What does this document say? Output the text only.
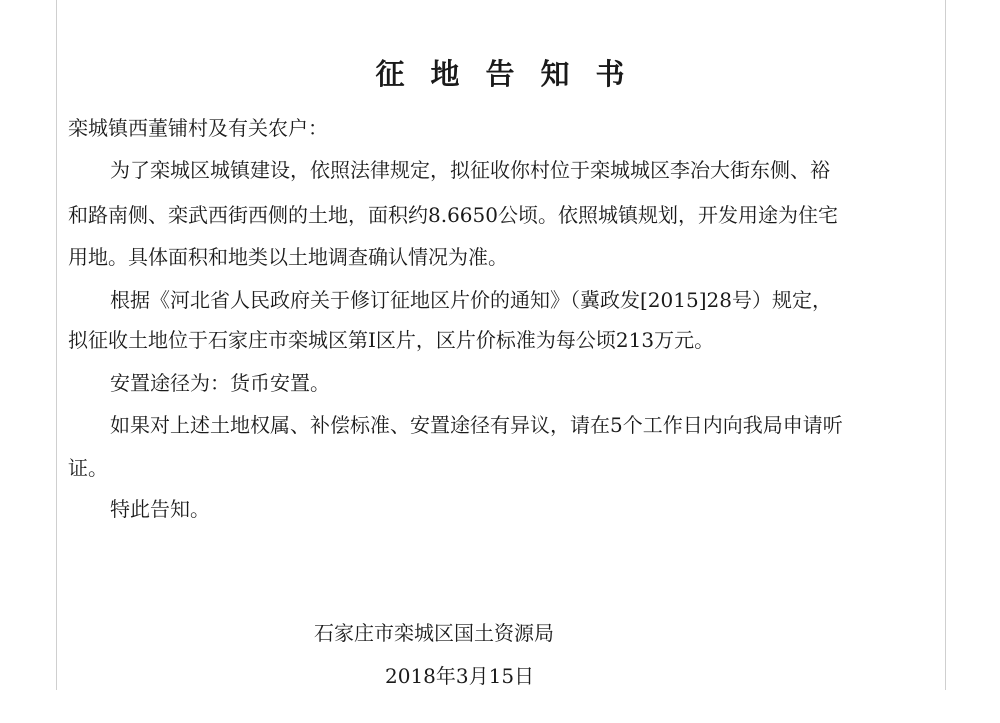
征地告知书
栾城镇西董铺村及有关农户：
为了栾城区城镇建设，依照法律规定，拟征收你村位于栾城城区李冶大街东侧、裕
和路南侧、栾武西街西侧的土地，面积约8.6650公顷。依照城镇规划，开发用途为住宅
用地。具体面积和地类以土地调查确认情况为准。
根据《河北省人民政府关于修订征地区片价的通知》（冀政发[2015]28号）规定，
拟征收土地位于石家庄市栾城区第Ⅰ区片，区片价标准为每公顷213万元。
安置途径为：货币安置。
如果对上述土地权属、补偿标准、安置途径有异议，请在5个工作日内向我局申请听
证。
特此告知。
石家庄市栾城区国土资源局
2018年3月15日
